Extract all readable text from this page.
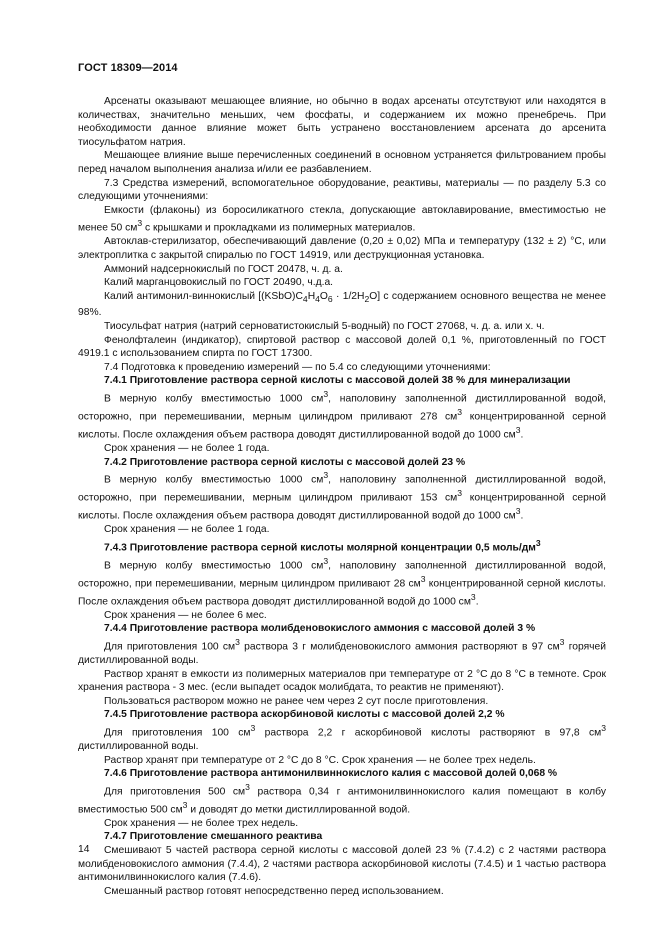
ГОСТ 18309—2014

Арсенаты оказывают мешающее влияние, но обычно в водах арсенаты отсутствуют или находятся в количествах, значительно меньших, чем фосфаты, и содержанием их можно пренебречь. При необходимости данное влияние может быть устранено восстановлением арсената до арсенита тиосульфатом натрия.

Мешающее влияние выше перечисленных соединений в основном устраняется фильтрованием пробы перед началом выполнения анализа и/или ее разбавлением.

7.3 Средства измерений, вспомогательное оборудование, реактивы, материалы — по разделу 5.3 со следующими уточнениями:

Емкости (флаконы) из боросиликатного стекла, допускающие автоклавирование, вместимостью не менее 50 $см^3$ с крышками и прокладками из полимерных материалов.

Автоклав-стерилизатор, обеспечивающий давление (0,20 ± 0,02) МПа и температуру (132 ± 2) °С, или электроплитка с закрытой спиралью по ГОСТ 14919, или деструкционная установка.

Аммоний надсернокислый по ГОСТ 20478, ч. д. а.

Калий марганцовокислый по ГОСТ 20490, ч.д.а.

Калий антимонил-виннокислый $[(KSbO)C_4H_4O_6 \cdot 1/2H_2O]$ с содержанием основного вещества не менее 98%.

Тиосульфат натрия (натрий серноватистокислый 5-водный) по ГОСТ 27068, ч. д. а. или х. ч.

Фенолфталеин (индикатор), спиртовой раствор с массовой долей 0,1 %, приготовленный по ГОСТ 4919.1 с использованием спирта по ГОСТ 17300.

7.4 Подготовка к проведению измерений — по 5.4 со следующими уточнениями:

7.4.1 Приготовление раствора серной кислоты с массовой долей 38 % для минерализации

В мерную колбу вместимостью 1000 $см^3$, наполовину заполненной дистиллированной водой, осторожно, при перемешивании, мерным цилиндром приливают 278 $см^3$ концентрированной серной кислоты. После охлаждения объем раствора доводят дистиллированной водой до 1000 $см^3$.

Срок хранения — не более 1 года.

7.4.2 Приготовление раствора серной кислоты с массовой долей 23 %

В мерную колбу вместимостью 1000 $см^3$, наполовину заполненной дистиллированной водой, осторожно, при перемешивании, мерным цилиндром приливают 153 $см^3$ концентрированной серной кислоты. После охлаждения объем раствора доводят дистиллированной водой до 1000 $см^3$.

Срок хранения — не более 1 года.

7.4.3 Приготовление раствора серной кислоты молярной концентрации 0,5 моль/$дм^3$

В мерную колбу вместимостью 1000 $см^3$, наполовину заполненной дистиллированной водой, осторожно, при перемешивании, мерным цилиндром приливают 28 $см^3$ концентрированной серной кислоты. После охлаждения объем раствора доводят дистиллированной водой до 1000 $см^3$.

Срок хранения — не более 6 мес.

7.4.4 Приготовление раствора молибденовокислого аммония с массовой долей 3 %

Для приготовления 100 $см^3$ раствора 3 г молибденовокислого аммония растворяют в 97 $см^3$ горячей дистиллированной воды.

Раствор хранят в емкости из полимерных материалов при температуре от 2 °С до 8 °С в темноте. Срок хранения раствора - 3 мес. (если выпадет осадок молибдата, то реактив не применяют).

Пользоваться раствором можно не ранее чем через 2 сут после приготовления.

7.4.5 Приготовление раствора аскорбиновой кислоты с массовой долей 2,2 %

Для приготовления 100 $см^3$ раствора 2,2 г аскорбиновой кислоты растворяют в 97,8 $см^3$ дистиллированной воды.

Раствор хранят при температуре от 2 °С до 8 °С. Срок хранения — не более трех недель.

7.4.6 Приготовление раствора антимонилвиннокислого калия с массовой долей 0,068 %

Для приготовления 500 $см^3$ раствора 0,34 г антимонилвиннокислого калия помещают в колбу вместимостью 500 $см^3$ и доводят до метки дистиллированной водой.

Срок хранения — не более трех недель.

7.4.7 Приготовление смешанного реактива

Смешивают 5 частей раствора серной кислоты с массовой долей 23 % (7.4.2) с 2 частями раствора молибденовокислого аммония (7.4.4), 2 частями раствора аскорбиновой кислоты (7.4.5) и 1 частью раствора антимонилвиннокислого калия (7.4.6).

Смешанный раствор готовят непосредственно перед использованием.

14
